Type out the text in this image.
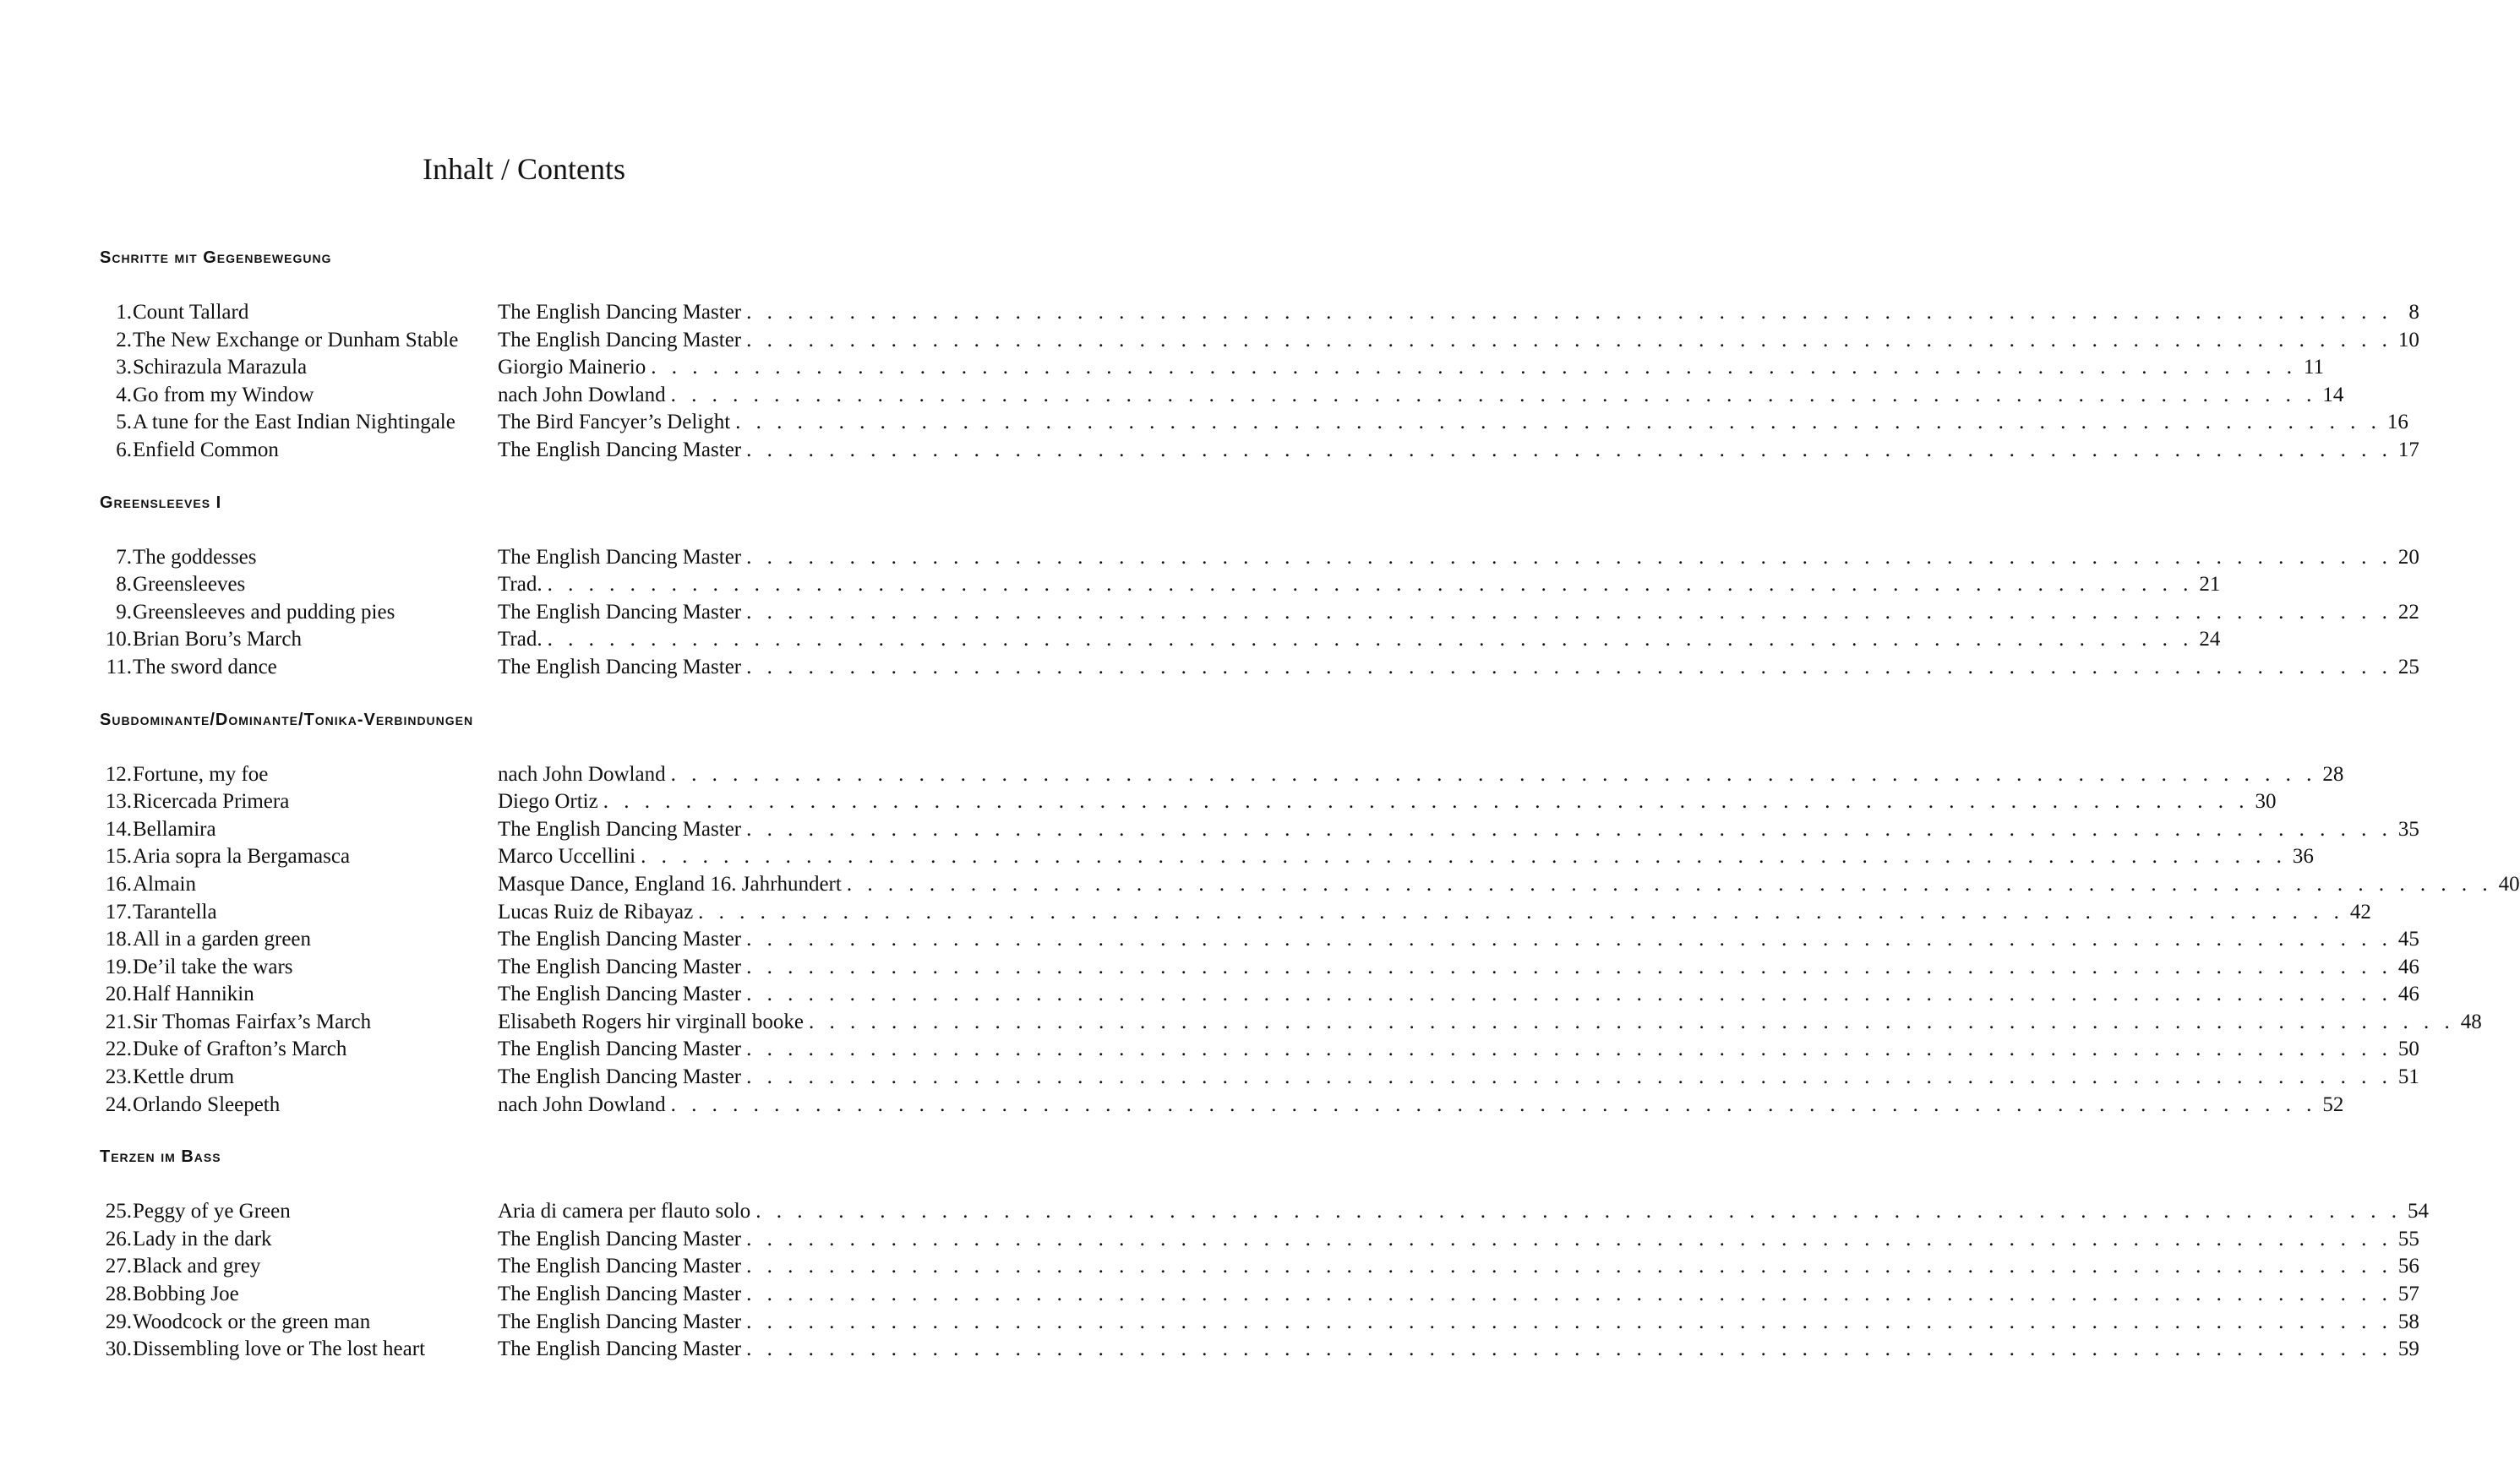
Inhalt / Contents
Schritte mit Gegenbewegung
1. Count Tallard	The English Dancing Master . . . . . . . . . . . . . . . . . . . . . . . . . . . . . . . . . . . . . . . . . . . . . . . . . . . . . . . . . . . . . . . . . . . . . . . . . . . . . . . . 8
2. The New Exchange or Dunham Stable	The English Dancing Master . . . . . . . . . . . . . . . . . . . . . . . . . . . . . . . . . . . . . . . . . . . . . . . . . . . . . . . . . . . . . . . . . . . . . . . . . . . . . . . . 10
3. Schirazula Marazula	Giorgio Mainerio . . . . . . . . . . . . . . . . . . . . . . . . . . . . . . . . . . . . . . . . . . . . . . . . . . . . . . . . . . . . . . . . . . . . . . . . . . . . . . . . 11
4. Go from my Window	nach John Dowland . . . . . . . . . . . . . . . . . . . . . . . . . . . . . . . . . . . . . . . . . . . . . . . . . . . . . . . . . . . . . . . . . . . . . . . . . . . . . . . . 14
5. A tune for the East Indian Nightingale	The Bird Fancyer’s Delight . . . . . . . . . . . . . . . . . . . . . . . . . . . . . . . . . . . . . . . . . . . . . . . . . . . . . . . . . . . . . . . . . . . . . . . . . . . . . . . . 16
6. Enfield Common	The English Dancing Master . . . . . . . . . . . . . . . . . . . . . . . . . . . . . . . . . . . . . . . . . . . . . . . . . . . . . . . . . . . . . . . . . . . . . . . . . . . . . . . . 17
Greensleeves I
7. The goddesses	The English Dancing Master . . . . . . . . . . . . . . . . . . . . . . . . . . . . . . . . . . . . . . . . . . . . . . . . . . . . . . . . . . . . . . . . . . . . . . . . . . . . . . . . 20
8. Greensleeves	Trad. . . . . . . . . . . . . . . . . . . . . . . . . . . . . . . . . . . . . . . . . . . . . . . . . . . . . . . . . . . . . . . . . . . . . . . . . . . . . . . . . 21
9. Greensleeves and pudding pies	The English Dancing Master . . . . . . . . . . . . . . . . . . . . . . . . . . . . . . . . . . . . . . . . . . . . . . . . . . . . . . . . . . . . . . . . . . . . . . . . . . . . . . . . 22
10. Brian Boru’s March	Trad. . . . . . . . . . . . . . . . . . . . . . . . . . . . . . . . . . . . . . . . . . . . . . . . . . . . . . . . . . . . . . . . . . . . . . . . . . . . . . . . . 24
11. The sword dance	The English Dancing Master . . . . . . . . . . . . . . . . . . . . . . . . . . . . . . . . . . . . . . . . . . . . . . . . . . . . . . . . . . . . . . . . . . . . . . . . . . . . . . . . 25
Subdominante/Dominante/Tonika-Verbindungen
12. Fortune, my foe	nach John Dowland . . . . . . . . . . . . . . . . . . . . . . . . . . . . . . . . . . . . . . . . . . . . . . . . . . . . . . . . . . . . . . . . . . . . . . . . . . . . . . . . 28
13. Ricercada Primera	Diego Ortiz . . . . . . . . . . . . . . . . . . . . . . . . . . . . . . . . . . . . . . . . . . . . . . . . . . . . . . . . . . . . . . . . . . . . . . . . . . . . . . . . 30
14. Bellamira	The English Dancing Master . . . . . . . . . . . . . . . . . . . . . . . . . . . . . . . . . . . . . . . . . . . . . . . . . . . . . . . . . . . . . . . . . . . . . . . . . . . . . . . . 35
15. Aria sopra la Bergamasca	Marco Uccellini . . . . . . . . . . . . . . . . . . . . . . . . . . . . . . . . . . . . . . . . . . . . . . . . . . . . . . . . . . . . . . . . . . . . . . . . . . . . . . . . 36
16. Almain	Masque Dance, England 16. Jahrhundert . . . . . . . . . . . . . . . . . . . . . . . . . . . . . . . . . . . . . . . . . . . . . . . . . . . . . . . . . . . . . . . . . . . . . . . . . . . . . . . . 40
17. Tarantella	Lucas Ruiz de Ribayaz . . . . . . . . . . . . . . . . . . . . . . . . . . . . . . . . . . . . . . . . . . . . . . . . . . . . . . . . . . . . . . . . . . . . . . . . . . . . . . . . 42
18. All in a garden green	The English Dancing Master . . . . . . . . . . . . . . . . . . . . . . . . . . . . . . . . . . . . . . . . . . . . . . . . . . . . . . . . . . . . . . . . . . . . . . . . . . . . . . . . 45
19. De’il take the wars	The English Dancing Master . . . . . . . . . . . . . . . . . . . . . . . . . . . . . . . . . . . . . . . . . . . . . . . . . . . . . . . . . . . . . . . . . . . . . . . . . . . . . . . . 46
20. Half Hannikin	The English Dancing Master . . . . . . . . . . . . . . . . . . . . . . . . . . . . . . . . . . . . . . . . . . . . . . . . . . . . . . . . . . . . . . . . . . . . . . . . . . . . . . . . 46
21. Sir Thomas Fairfax’s March	Elisabeth Rogers hir virginall booke . . . . . . . . . . . . . . . . . . . . . . . . . . . . . . . . . . . . . . . . . . . . . . . . . . . . . . . . . . . . . . . . . . . . . . . . . . . . . . . . 48
22. Duke of Grafton’s March	The English Dancing Master . . . . . . . . . . . . . . . . . . . . . . . . . . . . . . . . . . . . . . . . . . . . . . . . . . . . . . . . . . . . . . . . . . . . . . . . . . . . . . . . 50
23. Kettle drum	The English Dancing Master . . . . . . . . . . . . . . . . . . . . . . . . . . . . . . . . . . . . . . . . . . . . . . . . . . . . . . . . . . . . . . . . . . . . . . . . . . . . . . . . 51
24. Orlando Sleepeth	nach John Dowland . . . . . . . . . . . . . . . . . . . . . . . . . . . . . . . . . . . . . . . . . . . . . . . . . . . . . . . . . . . . . . . . . . . . . . . . . . . . . . . . 52
Terzen im Bass
25. Peggy of ye Green	Aria di camera per flauto solo . . . . . . . . . . . . . . . . . . . . . . . . . . . . . . . . . . . . . . . . . . . . . . . . . . . . . . . . . . . . . . . . . . . . . . . . . . . . . . . . 54
26. Lady in the dark	The English Dancing Master . . . . . . . . . . . . . . . . . . . . . . . . . . . . . . . . . . . . . . . . . . . . . . . . . . . . . . . . . . . . . . . . . . . . . . . . . . . . . . . . 55
27. Black and grey	The English Dancing Master . . . . . . . . . . . . . . . . . . . . . . . . . . . . . . . . . . . . . . . . . . . . . . . . . . . . . . . . . . . . . . . . . . . . . . . . . . . . . . . . 56
28. Bobbing Joe	The English Dancing Master . . . . . . . . . . . . . . . . . . . . . . . . . . . . . . . . . . . . . . . . . . . . . . . . . . . . . . . . . . . . . . . . . . . . . . . . . . . . . . . . 57
29. Woodcock or the green man	The English Dancing Master . . . . . . . . . . . . . . . . . . . . . . . . . . . . . . . . . . . . . . . . . . . . . . . . . . . . . . . . . . . . . . . . . . . . . . . . . . . . . . . . 58
30. Dissembling love or The lost heart	The English Dancing Master . . . . . . . . . . . . . . . . . . . . . . . . . . . . . . . . . . . . . . . . . . . . . . . . . . . . . . . . . . . . . . . . . . . . . . . . . . . . . . . . 59
